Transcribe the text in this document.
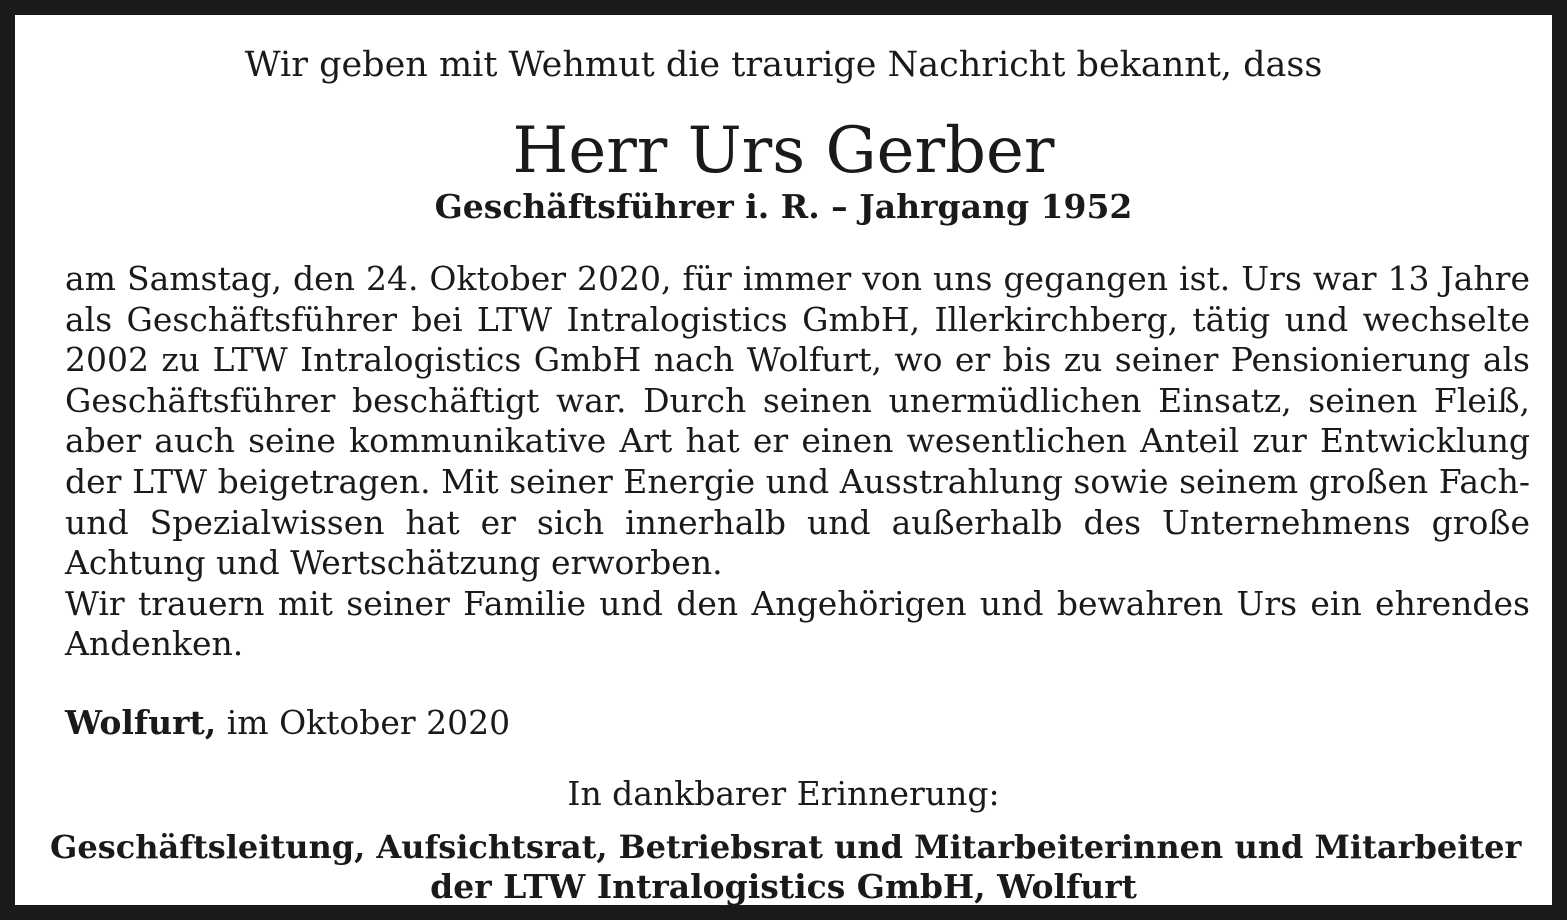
Wir geben mit Wehmut die traurige Nachricht bekannt, dass
Herr Urs Gerber
Geschäftsführer i. R. – Jahrgang 1952

am Samstag, den 24. Oktober 2020, für immer von uns gegangen ist. Urs war 13 Jahre als Geschäftsführer bei LTW Intralogistics GmbH, Illerkirchberg, tätig und wechselte 2002 zu LTW Intralogistics GmbH nach Wolfurt, wo er bis zu seiner Pensionierung als Geschäftsführer beschäftigt war. Durch seinen unermüdlichen Einsatz, seinen Fleiß, aber auch seine kommunikative Art hat er einen wesentlichen Anteil zur Entwicklung der LTW beigetragen. Mit seiner Energie und Ausstrahlung sowie seinem großen Fach- und Spezialwissen hat er sich innerhalb und außerhalb des Unternehmens große Achtung und Wertschätzung erworben.

Wir trauern mit seiner Familie und den Angehörigen und bewahren Urs ein ehrendes Andenken.

Wolfurt, im Oktober 2020
In dankbarer Erinnerung:
Geschäftsleitung, Aufsichtsrat, Betriebsrat und Mitarbeiterinnen und Mitarbeiter
der LTW Intralogistics GmbH, Wolfurt
